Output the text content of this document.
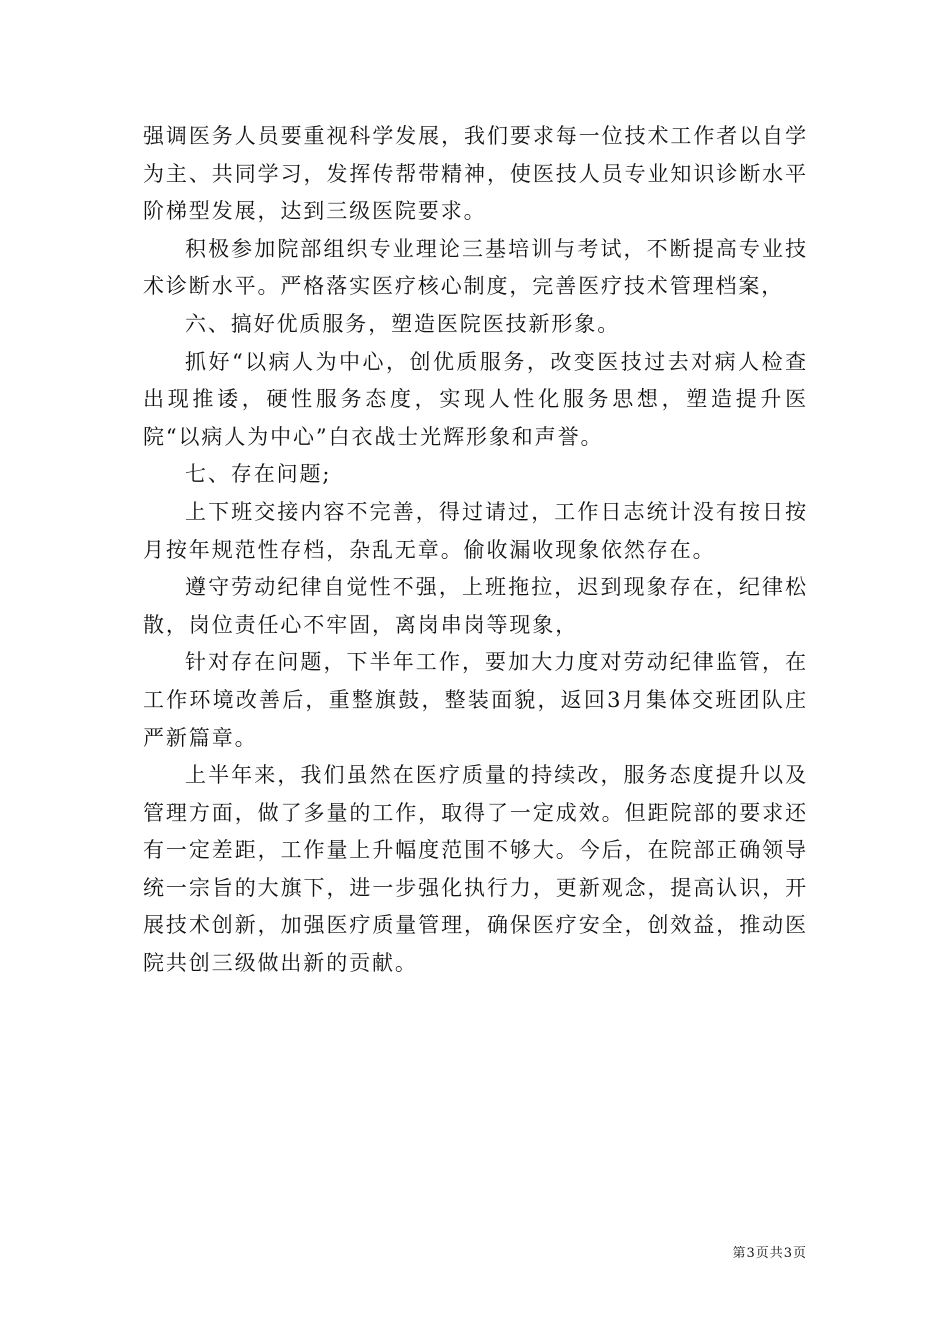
强调医务人员要重视科学发展，我们要求每一位技术工作者以自学为主、共同学习，发挥传帮带精神，使医技人员专业知识诊断水平阶梯型发展，达到三级医院要求。

积极参加院部组织专业理论三基培训与考试，不断提高专业技术诊断水平。严格落实医疗核心制度，完善医疗技术管理档案，

六、搞好优质服务，塑造医院医技新形象。

抓好“以病人为中心，创优质服务，改变医技过去对病人检查出现推诿，硬性服务态度，实现人性化服务思想，塑造提升医院“以病人为中心”白衣战士光辉形象和声誉。

七、存在问题;

上下班交接内容不完善，得过请过，工作日志统计没有按日按月按年规范性存档，杂乱无章。偷收漏收现象依然存在。

遵守劳动纪律自觉性不强，上班拖拉，迟到现象存在，纪律松散，岗位责任心不牢固，离岗串岗等现象，

针对存在问题，下半年工作，要加大力度对劳动纪律监管，在工作环境改善后，重整旗鼓，整装面貌，返回3月集体交班团队庄严新篇章。

上半年来，我们虽然在医疗质量的持续改，服务态度提升以及管理方面，做了多量的工作，取得了一定成效。但距院部的要求还有一定差距，工作量上升幅度范围不够大。今后，在院部正确领导统一宗旨的大旗下，进一步强化执行力，更新观念，提高认识，开展技术创新，加强医疗质量管理，确保医疗安全，创效益，推动医院共创三级做出新的贡献。

第3页共3页
